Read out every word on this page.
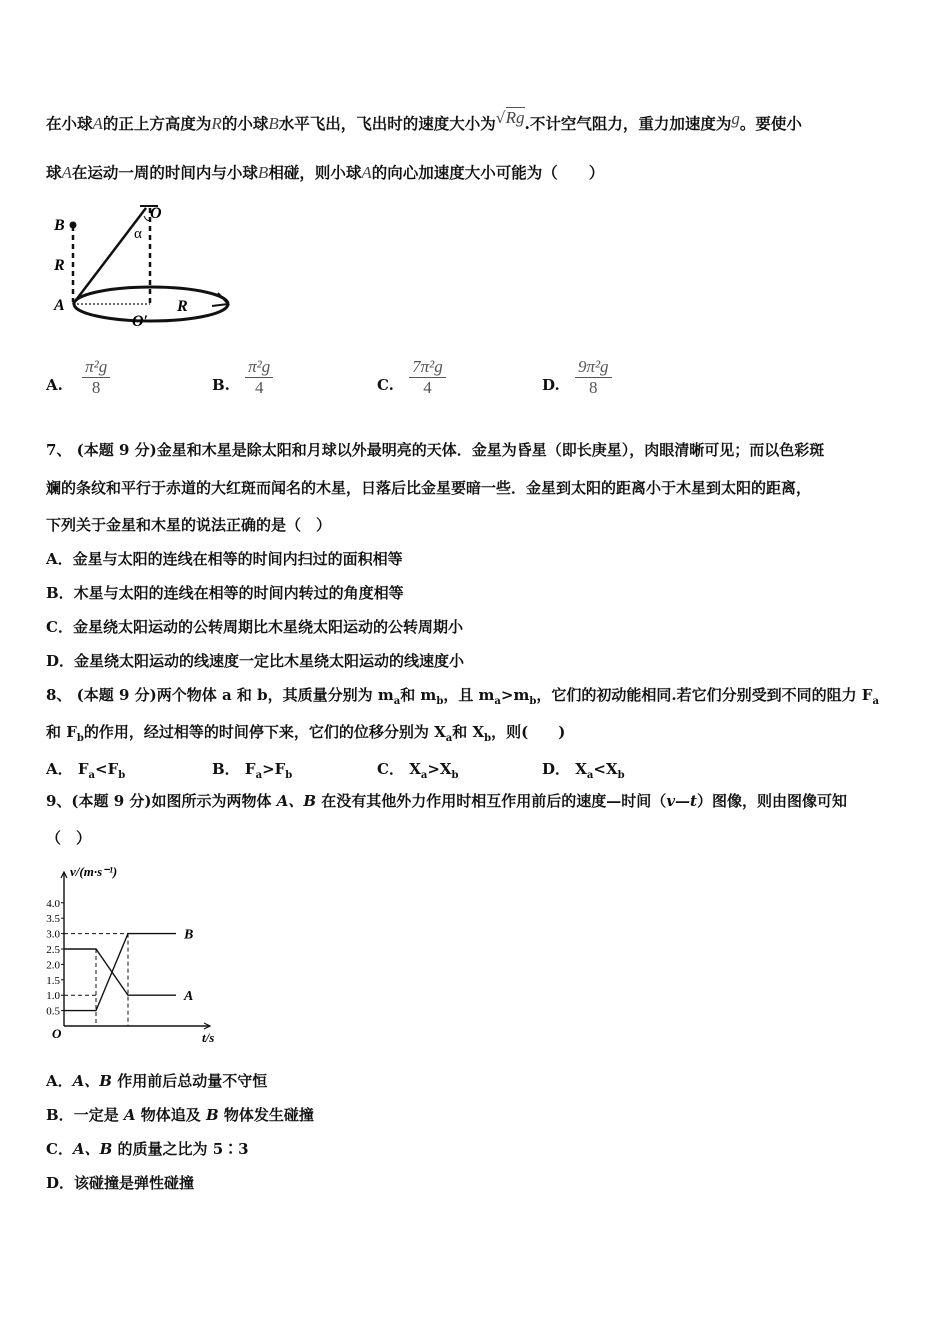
在小球A的正上方高度为R的小球B水平飞出，飞出时的速度大小为√Rg.不计空气阻力，重力加速度为g。要使小
球A在运动一周的时间内与小球B相碰，则小球A的向心加速度大小可能为（　　）
B
R
A
O
α
O′
R
A. $\frac{\text{π²g}}{8}$	B. $\frac{\text{π²g}}{4}$	C. $\frac{\text{7π²g}}{4}$	D. $\frac{\text{9π²g}}{8}$
7、 (本题 9 分)金星和木星是除太阳和月球以外最明亮的天体．金星为昏星（即长庚星），肉眼清晰可见；而以色彩斑
斓的条纹和平行于赤道的大红斑而闻名的木星，日落后比金星要暗一些．金星到太阳的距离小于木星到太阳的距离，
下列关于金星和木星的说法正确的是（　）
A．金星与太阳的连线在相等的时间内扫过的面积相等
B．木星与太阳的连线在相等的时间内转过的角度相等
C．金星绕太阳运动的公转周期比木星绕太阳运动的公转周期小
D．金星绕太阳运动的线速度一定比木星绕太阳运动的线速度小
8、 (本题 9 分)两个物体 a 和 b，其质量分别为 $m_a$和 $m_b$，且 $m_a>m_b$，它们的初动能相同.若它们分别受到不同的阻力 $F_a$
和 $F_b$的作用，经过相等的时间停下来，它们的位移分别为 $X_a$和 $X_b$，则(　　)
A． $F_a<F_b$	B． $F_a>F_b$	C． $X_a>X_b$	D． $X_a<X_b$
9、(本题 9 分)如图所示为两物体 A、B 在没有其他外力作用时相互作用前后的速度—时间（v—t）图像，则由图像可知
（　）
v/(m·s⁻¹)
t/s
O
4.0
3.5
3.0
2.5
2.0
1.5
1.0
0.5
A
B
A．A、B 作用前后总动量不守恒
B．一定是 A 物体追及 B 物体发生碰撞
C．A、B 的质量之比为 5∶3
D．该碰撞是弹性碰撞
